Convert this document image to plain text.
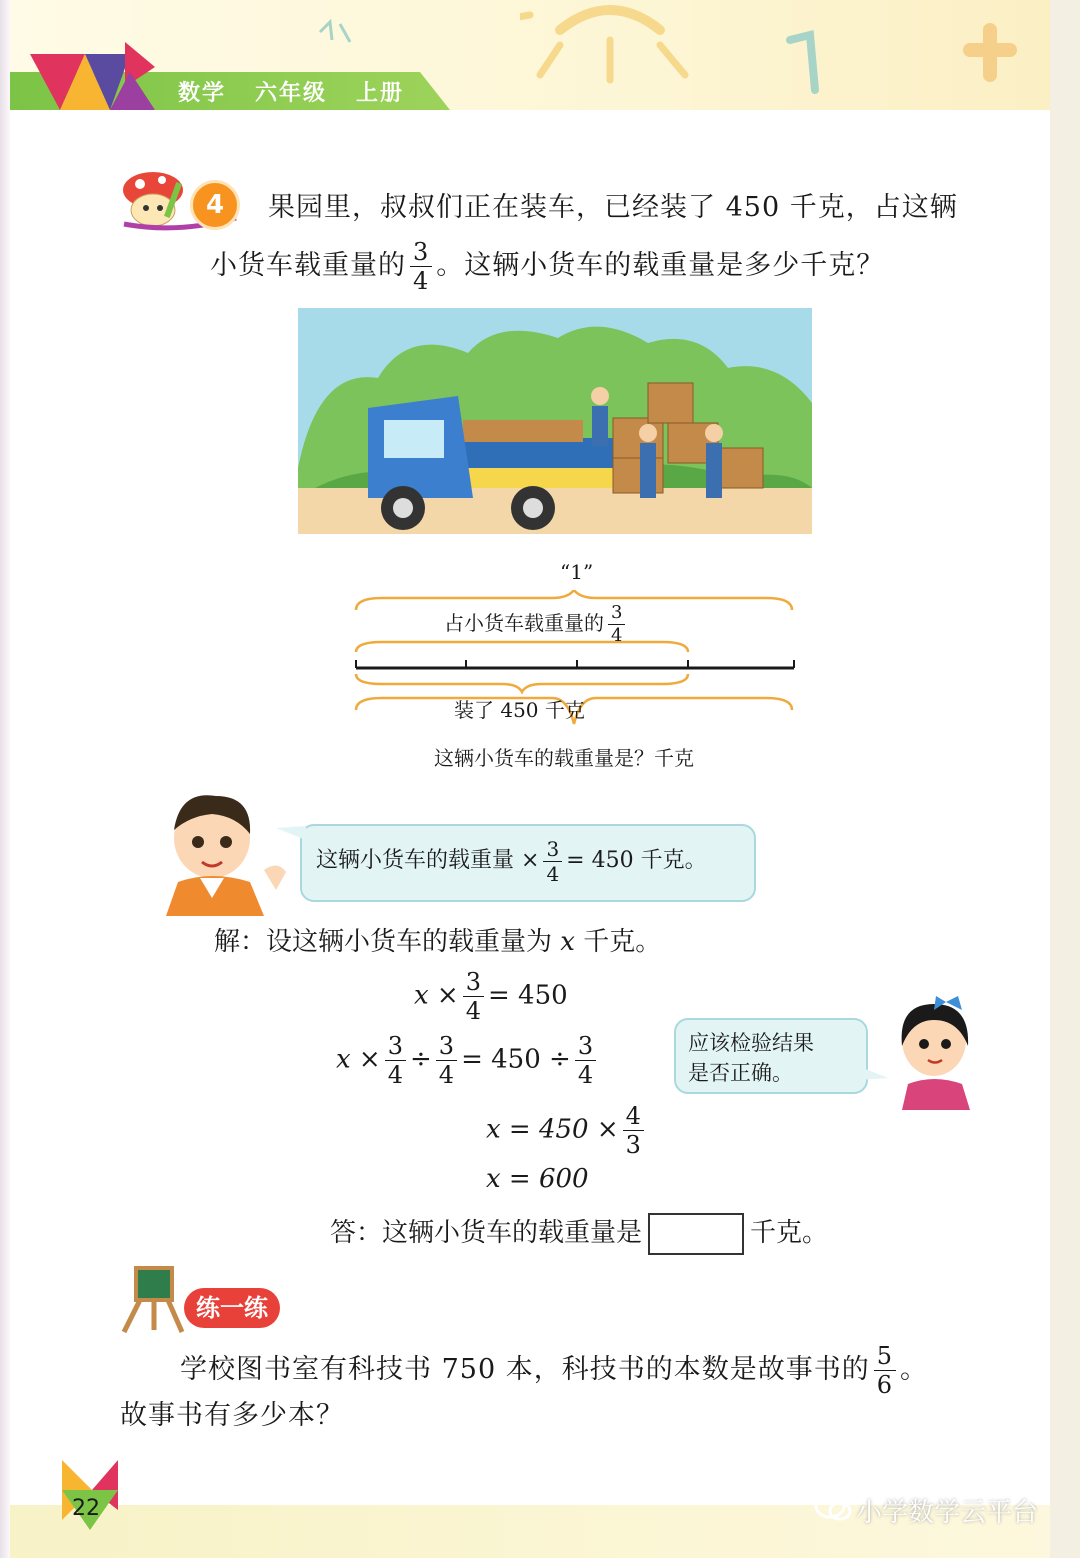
数学 六年级 上册
4	果园里，叔叔们正在装车，已经装了 450 千克，占这辆
小货车载重量的 $\frac{3}{4}$ 。这辆小货车的载重量是多少千克？
“1”
占小货车载重量的 $\frac{3}{4}$
装了 450 千克
这辆小货车的载重量是？千克
这辆小货车的载重量 × $\frac{3}{4} = 450$ 千克。
解：设这辆小货车的载重量为 x 千克。
$x \times \frac{3}{4} = 450$
$x \times \frac{3}{4} \div \frac{3}{4} = 450 \div \frac{3}{4}$
$x = 450 \times \frac{4}{3}$
x = 600
答：这辆小货车的载重量是	千克。
应该检验结果
是否正确。
练一练
学校图书室有科技书 750 本，科技书的本数是故事书的 $\frac{5}{6}$ 。
故事书有多少本？
22	小学数学云平台
